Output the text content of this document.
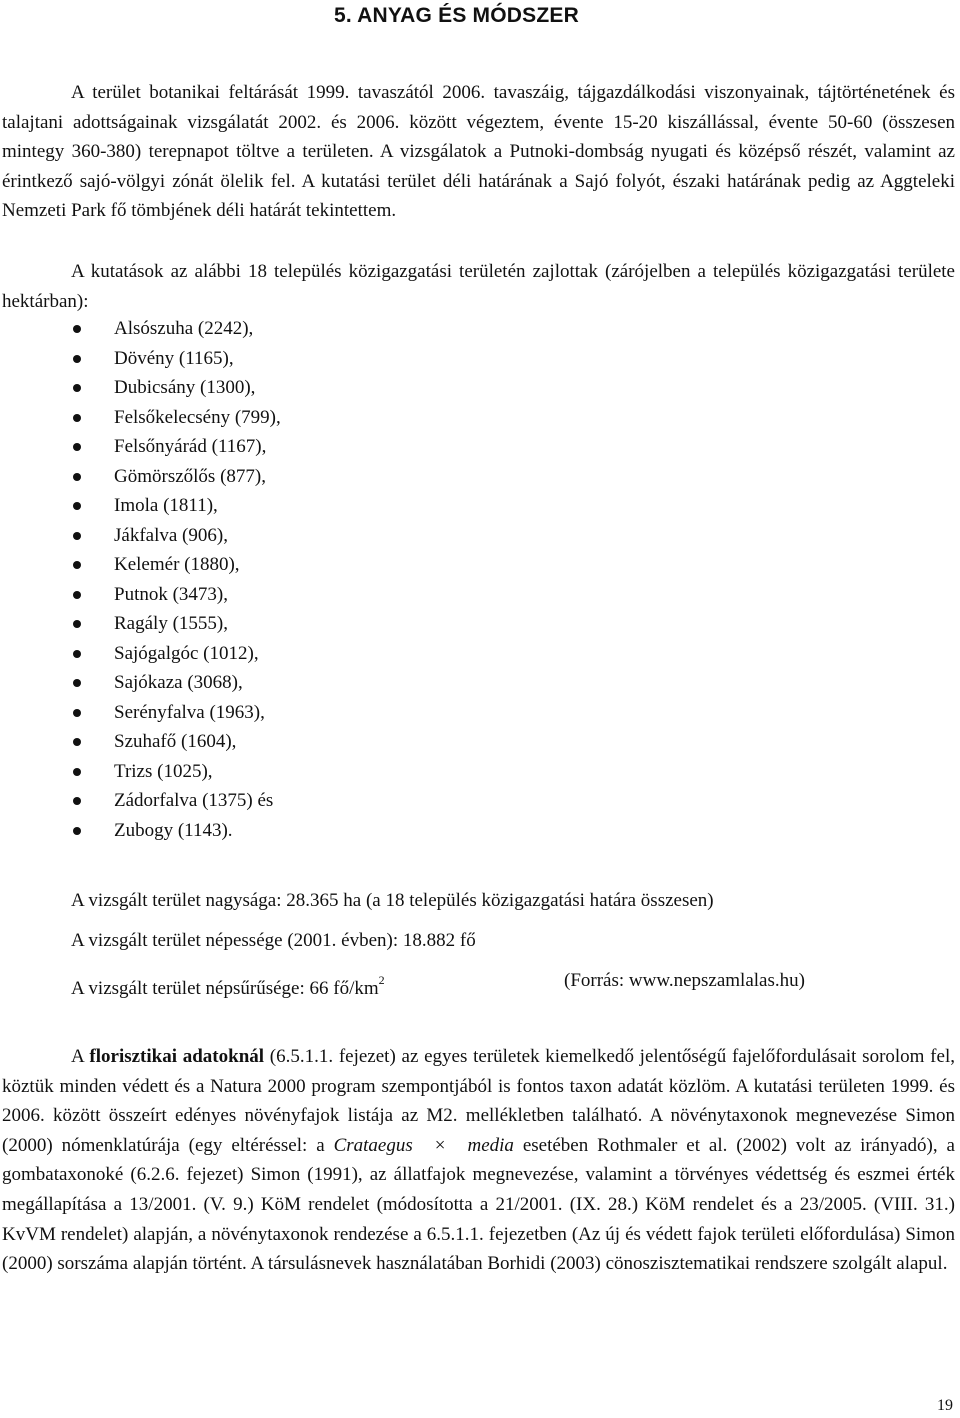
5. ANYAG ÉS MÓDSZER

A terület botanikai feltárását 1999. tavaszától 2006. tavaszáig, tájgazdálkodási viszonyainak, tájtörténetének és talajtani adottságainak vizsgálatát 2002. és 2006. között végeztem, évente 15-20 kiszállással, évente 50-60 (összesen mintegy 360-380) terepnapot töltve a területen. A vizsgálatok a Putnoki-dombság nyugati és középső részét, valamint az érintkező sajó-völgyi zónát ölelik fel. A kutatási terület déli határának a Sajó folyót, északi határának pedig az Aggteleki Nemzeti Park fő tömbjének déli határát tekintettem.

A kutatások az alábbi 18 település közigazgatási területén zajlottak (zárójelben a település közigazgatási területe hektárban):

Alsószuha (2242),
Dövény (1165),
Dubicsány (1300),
Felsőkelecsény (799),
Felsőnyárád (1167),
Gömörszőlős (877),
Imola (1811),
Jákfalva (906),
Kelemér (1880),
Putnok (3473),
Ragály (1555),
Sajógalgóc (1012),
Sajókaza (3068),
Serényfalva (1963),
Szuhafő (1604),
Trizs (1025),
Zádorfalva (1375) és
Zubogy (1143).
A vizsgált terület nagysága: 28.365 ha (a 18 település közigazgatási határa összesen)
A vizsgált terület népessége (2001. évben): 18.882 fő
A vizsgált terület népsűrűsége: 66 $fő/km^2$	(Forrás: www.nepszamlalas.hu)

A florisztikai adatoknál (6.5.1.1. fejezet) az egyes területek kiemelkedő jelentőségű fajelőfordulásait sorolom fel, köztük minden védett és a Natura 2000 program szempontjából is fontos taxon adatát közlöm. A kutatási területen 1999. és 2006. között összeírt edényes növényfajok listája az M2. mellékletben található. A növénytaxonok megnevezése Simon (2000) nómenklatúrája (egy eltéréssel: a Crataegus × media esetében Rothmaler et al. (2002) volt az irányadó), a gombataxonoké (6.2.6. fejezet) Simon (1991), az állatfajok megnevezése, valamint a törvényes védettség és eszmei érték megállapítása a 13/2001. (V. 9.) KöM rendelet (módosította a 21/2001. (IX. 28.) KöM rendelet és a 23/2005. (VIII. 31.) KvVM rendelet) alapján, a növénytaxonok rendezése a 6.5.1.1. fejezetben (Az új és védett fajok területi előfordulása) Simon (2000) sorszáma alapján történt. A társulásnevek használatában Borhidi (2003) cönoszisztematikai rendszere szolgált alapul.

19
